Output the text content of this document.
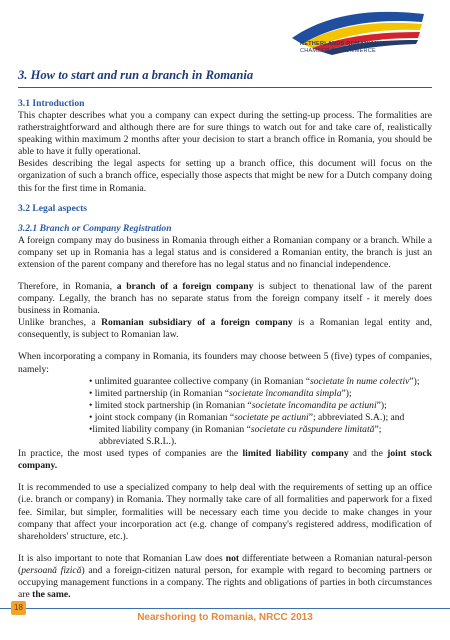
NETHERLANDS ROMANIAN
CHAMBER OF COMMERCE
3. How to start and run a branch in Romania
3.1 Introduction

This chapter describes what you a company can expect during the setting-up process. The formalities are ratherstraightforward and although there are for sure things to watch out for and take care of, realistically speaking within maximum 2 months after your decision to start a branch office in Romania, you should be able to have it fully operational.

Besides describing the legal aspects for setting up a branch office, this document will focus on the organization of such a branch office, especially those aspects that might be new for a Dutch company doing this for the first time in Romania.

3.2 Legal aspects
3.2.1 Branch or Company Registration

A foreign company may do business in Romania through either a Romanian company or a branch. While a company set up in Romania has a legal status and is considered a Romanian entity, the branch is just an extension of the parent company and therefore has no legal status and no financial independence.

Therefore, in Romania, a branch of a foreign company is subject to thenational law of the parent company. Legally, the branch has no separate status from the foreign company itself - it merely does business in Romania.

Unlike branches, a Romanian subsidiary of a foreign company is a Romanian legal entity and, consequently, is subject to Romanian law.

When incorporating a company in Romania, its founders may choose between 5 (five) types of companies, namely:

• unlimited guarantee collective company (in Romanian “societate în nume colectiv”);
• limited partnership (in Romanian “societate încomandita simpla”);
• limited stock partnership (in Romanian “societate încomandita pe actiuni”);
• joint stock company (in Romanian “societate pe actiuni”; abbreviated S.A.); and
•limited liability company (in Romanian “societate cu răspundere limitată”;
abbreviated S.R.L.).

In practice, the most used types of companies are the limited liability company and the joint stock company.

It is recommended to use a specialized company to help deal with the requirements of setting up an office (i.e. branch or company) in Romania. They normally take care of all formalities and paperwork for a fixed fee. Similar, but simpler, formalities will be necessary each time you decide to make changes in your company that affect your incorporation act (e.g. change of company's registered address, modification of shareholders' structure, etc.).

It is also important to note that Romanian Law does not differentiate between a Romanian natural-person (persoană fizică) and a foreign-citizen natural person, for example with regard to becoming partners or occupying management functions in a company. The rights and obligations of parties in both circumstances are the same.

18
Nearshoring to Romania, NRCC 2013
